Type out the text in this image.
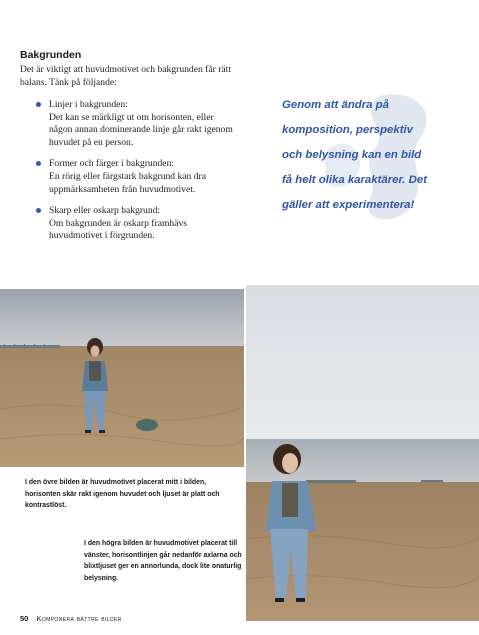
Bakgrunden
Det är viktigt att huvudmotivet och bakgrunden får rätt balans. Tänk på följande:
Linjer i bakgrunden:
Det kan se märkligt ut om horisonten, eller någon annan dominerande linje går rakt igenom huvudet på en person.
Former och färger i bakgrunden:
En rörig eller färgstark bakgrund kan dra uppmärksamheten från huvudmotivet.
Skarp eller oskarp bakgrund:
Om bakgrunden är oskarp framhävs huvudmotivet i förgrunden.
Genom att ändra på komposition, perspektiv och belysning kan en bild få helt olika karaktärer. Det gäller att experimentera!
I den övre bilden är huvudmotivet placerat mitt i bilden, horisonten skär rakt igenom huvudet och ljuset är platt och kontrastlöst.
I den högra bilden är huvudmotivet placerat till vänster, horisontlinjen går nedanför axlarna och blixtljuset ger en annorlunda, dock lite onaturlig belysning.
50 Komponera bättre bilder
